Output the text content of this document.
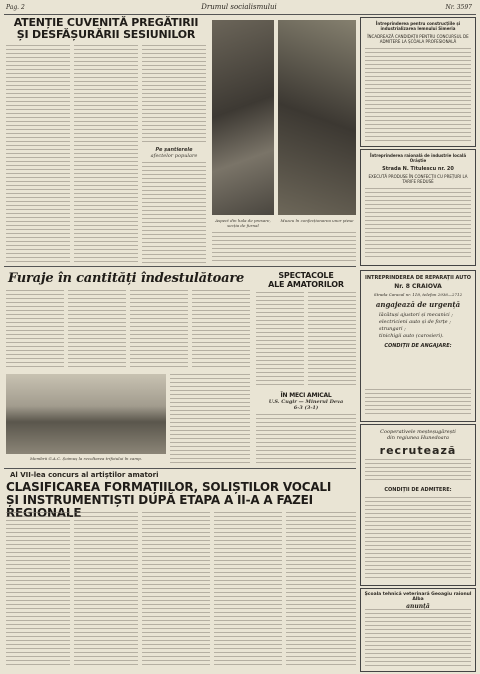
Pag. 2	Drumul socialismului	Nr. 3597
ATENȚIE CUVENITĂ PREGĂTIRII
ȘI DESFĂȘURĂRII SESIUNILOR
Pe șantierele
afectelor populare
Aspect din hala de presare, secția de furnal
Muzeu în confecționarea unor piese
Întreprinderea pentru construcțiile și industrializarea lemnului Simeria
ÎNCADREAZĂ CANDIDAȚII PENTRU CONCURSUL DE ADMITERE LA ȘCOALA PROFESIONALĂ
Întreprinderea raională de industrie locală Orăștie
Strada N. Titulescu nr. 20
EXECUTĂ PRODUSE ÎN CONFECȚII CU PREȚURI LA TARIFE REDUSE
Furaje în cantități îndestulătoare
Membrii G.A.C. Șoimuș la recoltarea trifoiului în camp.
SPECTACOLE
ALE AMATORILOR
ÎN MECI AMICAL
U.S. Cugir — Minerul Deva
6-3 (3-1)
INTREPRINDEREA DE REPARAȚII AUTO
Nr. 8 CRAIOVA
Strada Caracal nr. 118, telefon 2936—2712
angajează de urgență
lăcătuși ajustori și mecanici ;
electricieni auto și de forțe ;
strungari ;
tinichigii auto (carosieri).
CONDIȚII DE ANGAJARE:
Cooperativele meșteșugărești
din regiunea Hunedoara
recrutează
CONDIȚII DE ADMITERE:
Școala tehnică veterinară Geoagiu raionul Alba
anunță
Al VII-lea concurs al artiștilor amatori
CLASIFICAREA FORMAȚIILOR, SOLIȘTILOR VOCALI
ȘI INSTRUMENTIȘTI DUPĂ ETAPA A II-A A FAZEI REGIONALE
